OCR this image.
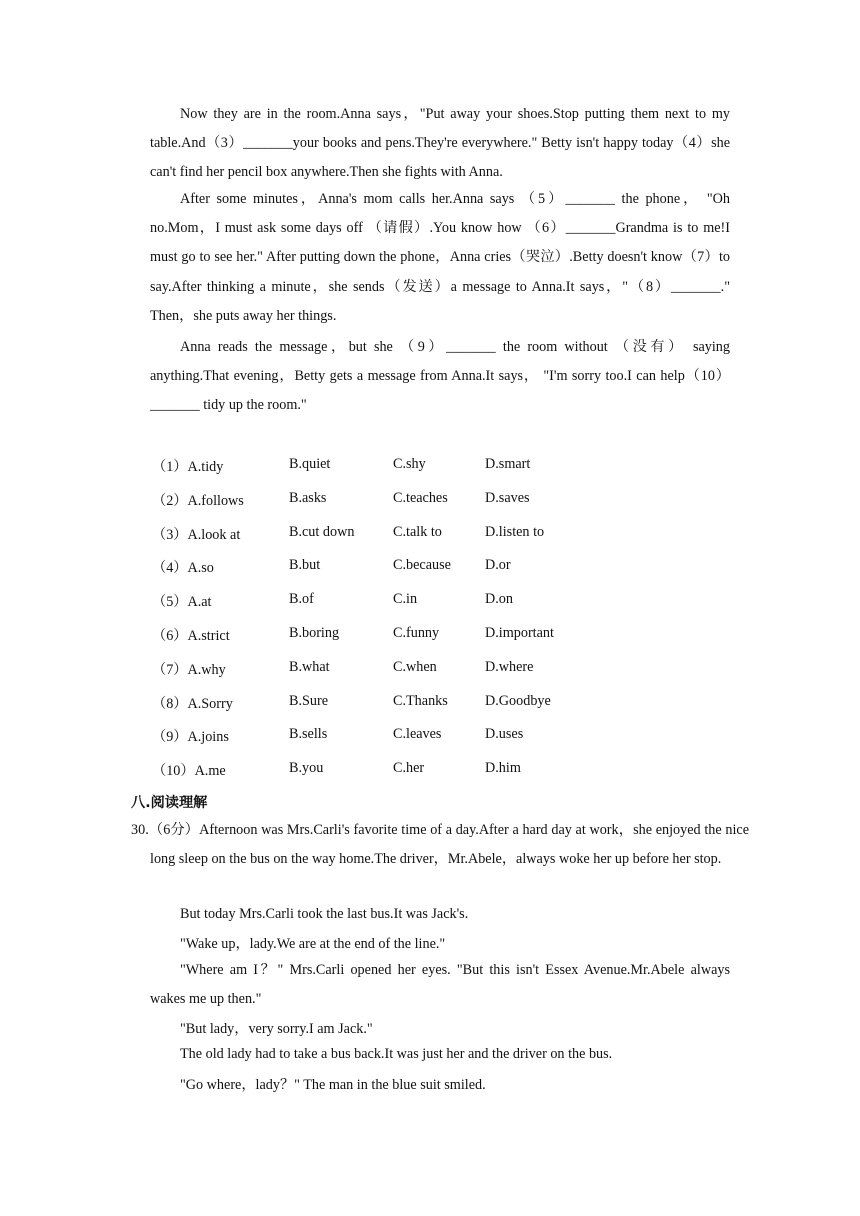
Now they are in the room.Anna says，"Put away your shoes.Stop putting them next to my table.And（3）_______your books and pens.They're everywhere." Betty isn't happy today（4）she can't find her pencil box anywhere.Then she fights with Anna.
After some minutes，Anna's mom calls her.Anna says （5）_______ the phone， "Oh no.Mom，I must ask some days off （请假）.You know how （6）_______Grandma is to me!I must go to see her." After putting down the phone，Anna cries（哭泣）.Betty doesn't know（7）to say.After thinking a minute，she sends（发送）a message to Anna.It says，"（8）_______." Then，she puts away her things.
Anna reads the message，but she （9）_______ the room without （没有） saying anything.That evening，Betty gets a message from Anna.It says， "I'm sorry too.I can help（10）_______ tidy up the room."
（1）A.tidy	B.quiet	C.shy	D.smart
（2）A.follows	B.asks	C.teaches	D.saves
（3）A.look at	B.cut down	C.talk to	D.listen to
（4）A.so	B.but	C.because D.or
（5）A.at	B.of	C.in	D.on
（6）A.strict	B.boring	C.funny	D.important
（7）A.why	B.what	C.when	D.where
（8）A.Sorry	B.Sure	C.Thanks	D.Goodbye
（9）A.joins	B.sells	C.leaves	D.uses
（10）A.me	B.you	C.her	D.him
八.阅读理解
30.（6分）Afternoon was Mrs.Carli's favorite time of a day.After a hard day at work，she enjoyed the nice long sleep on the bus on the way home.The driver，Mr.Abele，always woke her up before her stop.
But today Mrs.Carli took the last bus.It was Jack's.
"Wake up，lady.We are at the end of the line."
"Where am I？" Mrs.Carli opened her eyes. "But this isn't Essex Avenue.Mr.Abele always wakes me up then."
"But lady，very sorry.I am Jack."
The old lady had to take a bus back.It was just her and the driver on the bus.
"Go where，lady？" The man in the blue suit smiled.
